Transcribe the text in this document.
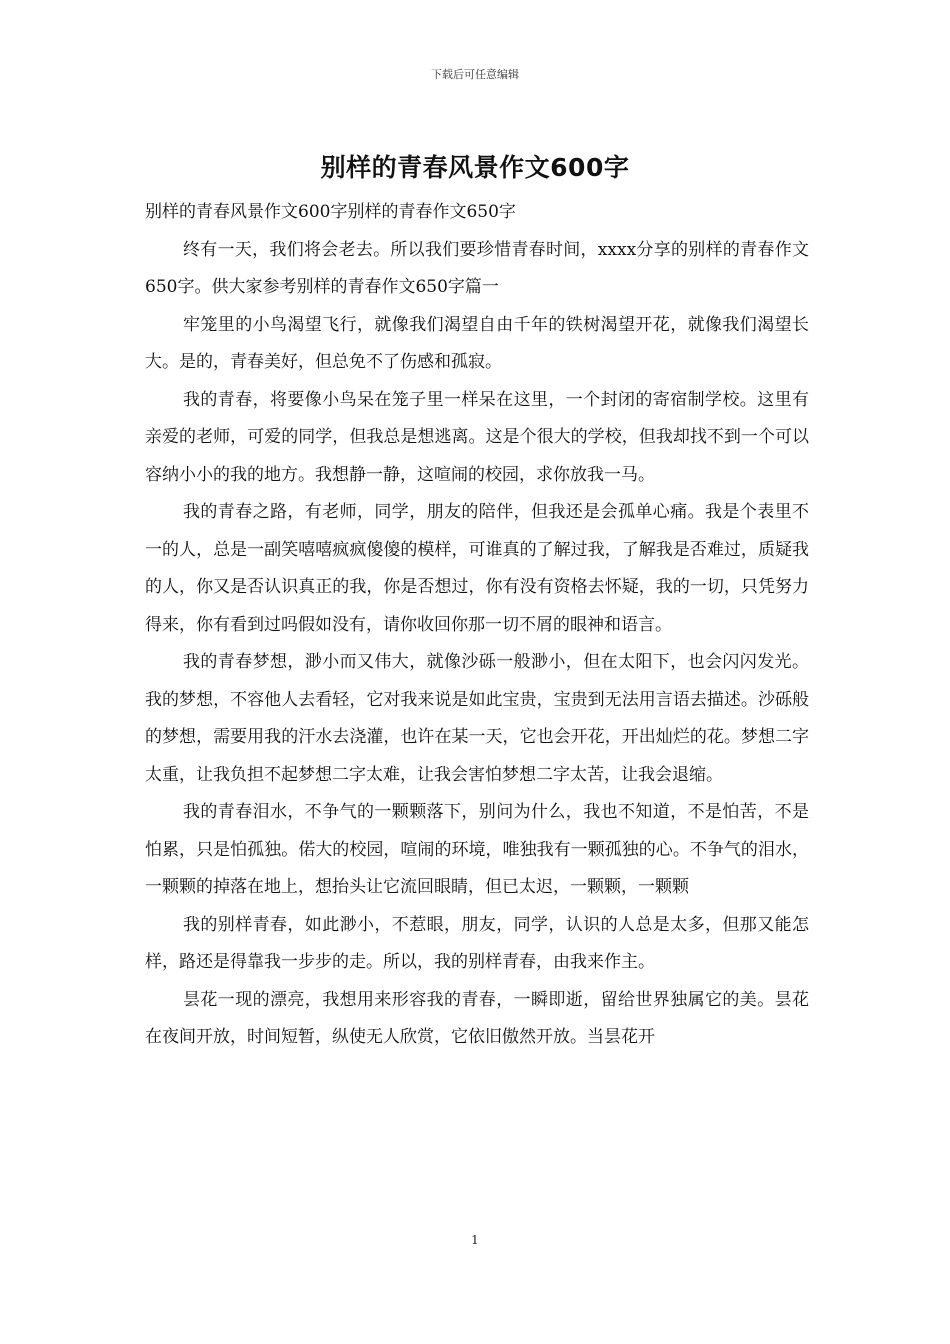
下载后可任意编辑
别样的青春风景作文600字

别样的青春风景作文600字别样的青春作文650字

终有一天，我们将会老去。所以我们要珍惜青春时间，xxxx分享的别样的青春作文650字。供大家参考别样的青春作文650字篇一

牢笼里的小鸟渴望飞行，就像我们渴望自由千年的铁树渴望开花，就像我们渴望长大。是的，青春美好，但总免不了伤感和孤寂。

我的青春，将要像小鸟呆在笼子里一样呆在这里，一个封闭的寄宿制学校。这里有亲爱的老师，可爱的同学，但我总是想逃离。这是个很大的学校，但我却找不到一个可以容纳小小的我的地方。我想静一静，这喧闹的校园，求你放我一马。

我的青春之路，有老师，同学，朋友的陪伴，但我还是会孤单心痛。我是个表里不一的人，总是一副笑嘻嘻疯疯傻傻的模样，可谁真的了解过我，了解我是否难过，质疑我的人，你又是否认识真正的我，你是否想过，你有没有资格去怀疑，我的一切，只凭努力得来，你有看到过吗假如没有，请你收回你那一切不屑的眼神和语言。

我的青春梦想，渺小而又伟大，就像沙砾一般渺小，但在太阳下，也会闪闪发光。我的梦想，不容他人去看轻，它对我来说是如此宝贵，宝贵到无法用言语去描述。沙砾般的梦想，需要用我的汗水去浇灌，也许在某一天，它也会开花，开出灿烂的花。梦想二字太重，让我负担不起梦想二字太难，让我会害怕梦想二字太苦，让我会退缩。

我的青春泪水，不争气的一颗颗落下，别问为什么，我也不知道，不是怕苦，不是怕累，只是怕孤独。偌大的校园，喧闹的环境，唯独我有一颗孤独的心。不争气的泪水，一颗颗的掉落在地上，想抬头让它流回眼睛，但已太迟，一颗颗，一颗颗

我的别样青春，如此渺小，不惹眼，朋友，同学，认识的人总是太多，但那又能怎样，路还是得靠我一步步的走。所以，我的别样青春，由我来作主。

昙花一现的漂亮，我想用来形容我的青春，一瞬即逝，留给世界独属它的美。昙花在夜间开放，时间短暂，纵使无人欣赏，它依旧傲然开放。当昙花开

1
